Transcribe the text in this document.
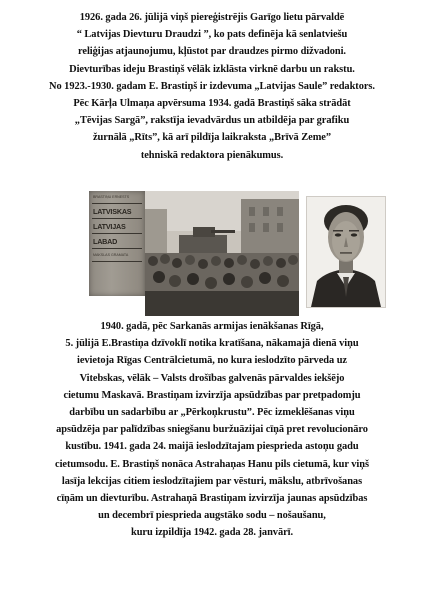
1926. gada 26. jūlijā viņš piereģistrējis Garīgo lietu pārvaldē
“ Latvijas Dievturu Draudzi ”, ko pats definēja kā senlatviešu
reliģijas atjaunojumu, kļūstot par draudzes pirmo dižvadoni.
Dievturības ideju Brastiņš vēlāk izklāsta virknē darbu un rakstu.
No 1923.-1930. gadam E. Brastiņš ir izdevuma „Latvijas Saule” redaktors.
Pēc Kārļa Ulmaņa apvērsuma 1934. gadā Brastiņš sāka strādāt
„Tēvijas Sargā”, rakstīja ievadvārdus un atbildēja par grafiku
žurnālā „Rīts”, kā arī pildīja laikraksta „Brīvā Zeme”
tehniskā redaktora pienākumus.
BRASTIŅU ERNESTS
LATVISKAS
LATVIJAS
LABAD
MAKSLAS GRAMATA
1940. gadā, pēc Sarkanās armijas ienākšanas Rīgā,
5. jūlijā E.Brastiņa dzīvoklī notika kratīšana, nākamajā dienā viņu
ievietoja Rīgas Centrālcietumā, no kura ieslodzīto pārveda uz
Vitebskas, vēlāk – Valsts drošības galvenās pārvaldes iekšējo
cietumu Maskavā. Brastiņam izvirzīja apsūdzības par pretpadomju
darbību un sadarbību ar „Pērkoņkrustu”. Pēc izmeklēšanas viņu
apsūdzēja par palīdzības sniegšanu buržuāzijai cīņā pret revolucionāro
kustību. 1941. gada 24. maijā ieslodzītajam piesprieda astoņu gadu
cietumsodu. E. Brastiņš nonāca Astrahaņas Hanu pils cietumā, kur viņš
lasīja lekcijas citiem ieslodzītajiem par vēsturi, mākslu, atbrīvošanas
cīņām un dievturību. Astrahaņā Brastiņam izvirzīja jaunas apsūdzības
un decembrī piesprieda augstāko sodu – nošaušanu,
kuru izpildīja 1942. gada 28. janvārī.
